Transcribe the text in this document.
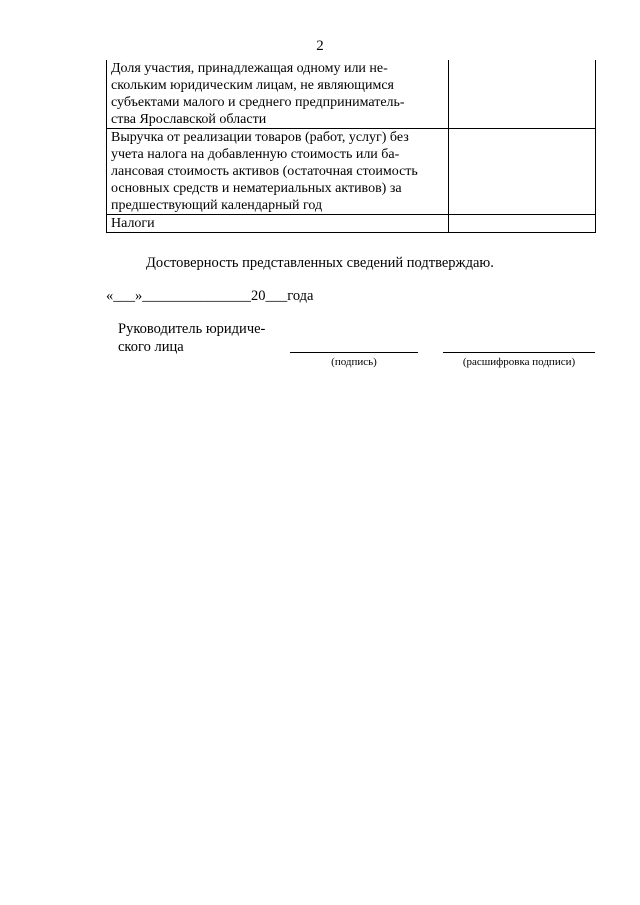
2
Доля участия, принадлежащая одному или не-
скольким юридическим лицам, не являющимся
субъектами малого и среднего предприниматель-
ства Ярославской области	

Выручка от реализации товаров (работ, услуг) без
учета налога на добавленную стоимость или ба-
лансовая стоимость активов (остаточная стоимость
основных средств и нематериальных активов) за
предшествующий календарный год	

Налоги	

Достоверность представленных сведений подтверждаю.
«___»_______________20___года
Руководитель юридиче-
ского лица
(подпись)	(расшифровка подписи)
